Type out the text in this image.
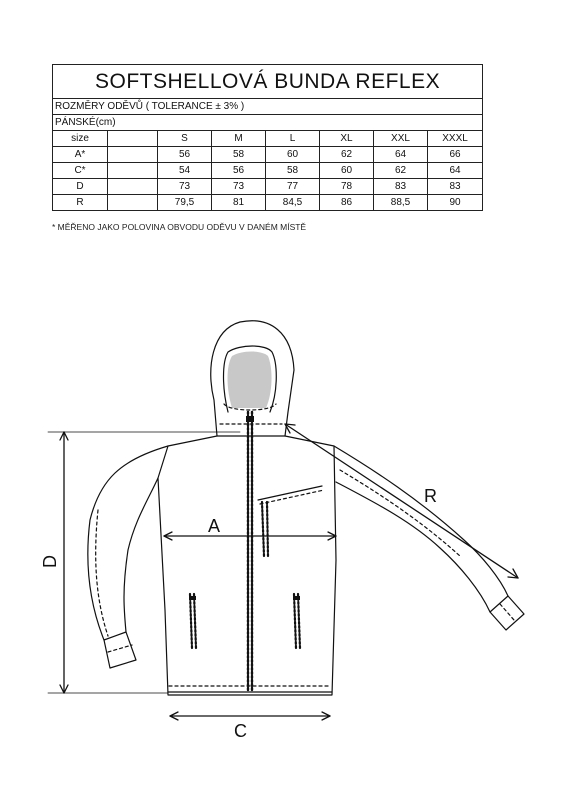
SOFTSHELLOVÁ BUNDA REFLEX							
ROZMĚRY ODĚVŮ ( TOLERANCE ± 3% )							
PÁNSKÉ(cm)							
size		S	M	L	XL	XXL	XXXL
A*		56	58	60	62	64	66
C*		54	56	58	60	62	64
D		73	73	77	78	83	83
R		79,5	81	84,5	86	88,5	90
* MĚŘENO JAKO POLOVINA OBVODU ODĚVU V DANÉM MÍSTĚ
A
C
D
R
